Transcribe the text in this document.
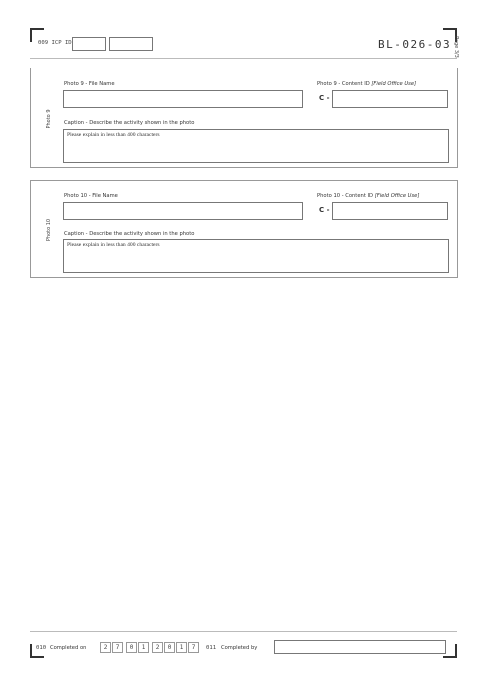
009 ICP ID	BL-026-03 Page 3/3
Photo 9
Photo 9 - File Name	Photo 9 - Content ID [Field Office Use]
C -
Caption - Describe the activity shown in the photo
Please explain in less than 400 characters
Photo 10
Photo 10 - File Name	Photo 10 - Content ID [Field Office Use]
C -
Caption - Describe the activity shown in the photo
Please explain in less than 400 characters
010 Completed on	2	7	0	1	2	0	1	7	011 Completed by
